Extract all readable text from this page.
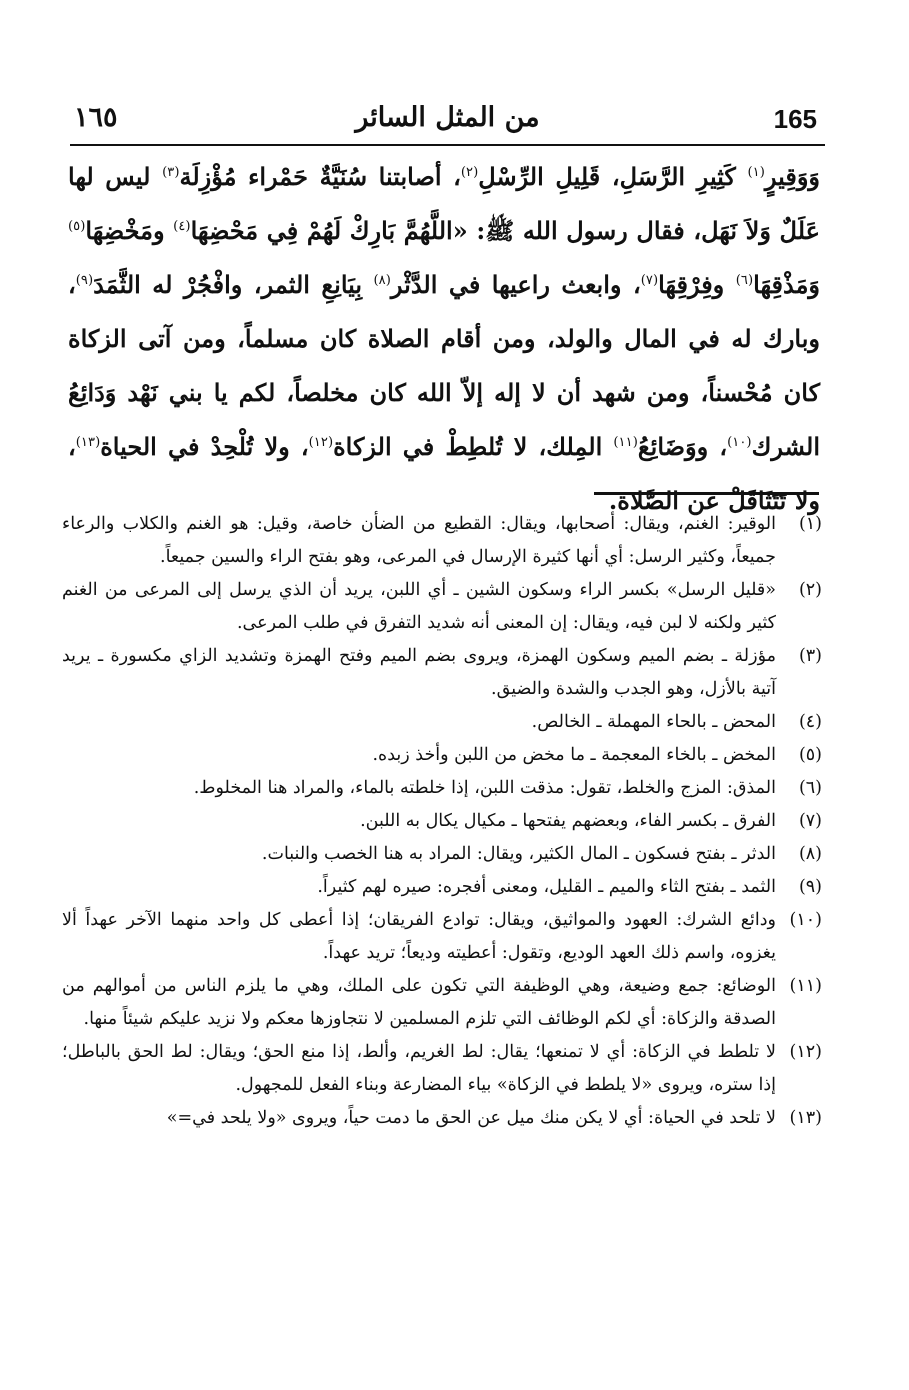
165
من المثل السائر
١٦٥
وَوَقِيرٍ$^{(١)}$ كَثِيرِ الرَّسَلِ، قَلِيلِ الرِّسْلِ$^{(٢)}$، أصابتنا سُنَيَّةٌ حَمْراء مُؤْزِلَة$^{(٣)}$ ليس لها عَلَلٌ وَلاَ نَهَل، فقال رسول الله ﷺ: «اللَّهُمَّ بَارِكْ لَهُمْ فِي مَحْضِهَا$^{(٤)}$ ومَخْضِهَا$^{(٥)}$ وَمَذْقِهَا$^{(٦)}$ وفِرْقِهَا$^{(٧)}$، وابعث راعيها في الدَّثْر$^{(٨)}$ بِيَانِعِ الثمر، وافْجُرْ له الثَّمَدَ$^{(٩)}$، وبارك له في المال والولد، ومن أقام الصلاة كان مسلماً، ومن آتى الزكاة كان مُحْسناً، ومن شهد أن لا إله إلاّ الله كان مخلصاً، لكم يا بني نَهْد وَدَائِعُ الشرك$^{(١٠)}$، ووَضَائِعُ$^{(١١)}$ المِلك، لا تُلطِطْ في الزكاة$^{(١٢)}$، ولا تُلْحِدْ في الحياة$^{(١٣)}$، ولا تَتَثَاقَلْ عن الصَّلاة.
(١)
الوقير: الغنم، ويقال: أصحابها، ويقال: القطيع من الضأن خاصة، وقيل: هو الغنم والكلاب والرعاء جميعاً، وكثير الرسل: أي أنها كثيرة الإرسال في المرعى، وهو بفتح الراء والسين جميعاً.
(٢)
«قليل الرسل» بكسر الراء وسكون الشين ـ أي اللبن، يريد أن الذي يرسل إلى المرعى من الغنم كثير ولكنه لا لبن فيه، ويقال: إن المعنى أنه شديد التفرق في طلب المرعى.
(٣)
مؤزلة ـ بضم الميم وسكون الهمزة، ويروى بضم الميم وفتح الهمزة وتشديد الزاي مكسورة ـ يريد آتية بالأزل، وهو الجدب والشدة والضيق.
(٤)
المحض ـ بالحاء المهملة ـ الخالص.
(٥)
المخض ـ بالخاء المعجمة ـ ما مخض من اللبن وأخذ زبده.
(٦)
المذق: المزج والخلط، تقول: مذقت اللبن، إذا خلطته بالماء، والمراد هنا المخلوط.
(٧)
الفرق ـ بكسر الفاء، وبعضهم يفتحها ـ مكيال يكال به اللبن.
(٨)
الدثر ـ بفتح فسكون ـ المال الكثير، ويقال: المراد به هنا الخصب والنبات.
(٩)
الثمد ـ بفتح الثاء والميم ـ القليل، ومعنى أفجره: صيره لهم كثيراً.
(١٠)
ودائع الشرك: العهود والمواثيق، ويقال: توادع الفريقان؛ إذا أعطى كل واحد منهما الآخر عهداً ألا يغزوه، واسم ذلك العهد الوديع، وتقول: أعطيته وديعاً؛ تريد عهداً.
(١١)
الوضائع: جمع وضيعة، وهي الوظيفة التي تكون على الملك، وهي ما يلزم الناس من أموالهم من الصدقة والزكاة: أي لكم الوظائف التي تلزم المسلمين لا نتجاوزها معكم ولا نزيد عليكم شيئاً منها.
(١٢)
لا تلطط في الزكاة: أي لا تمنعها؛ يقال: لط الغريم، وألط، إذا منع الحق؛ ويقال: لط الحق بالباطل؛ إذا ستره، ويروى «لا يلطط في الزكاة» بياء المضارعة وبناء الفعل للمجهول.
(١٣)
لا تلحد في الحياة: أي لا يكن منك ميل عن الحق ما دمت حياً، ويروى «ولا يلحد في=»
